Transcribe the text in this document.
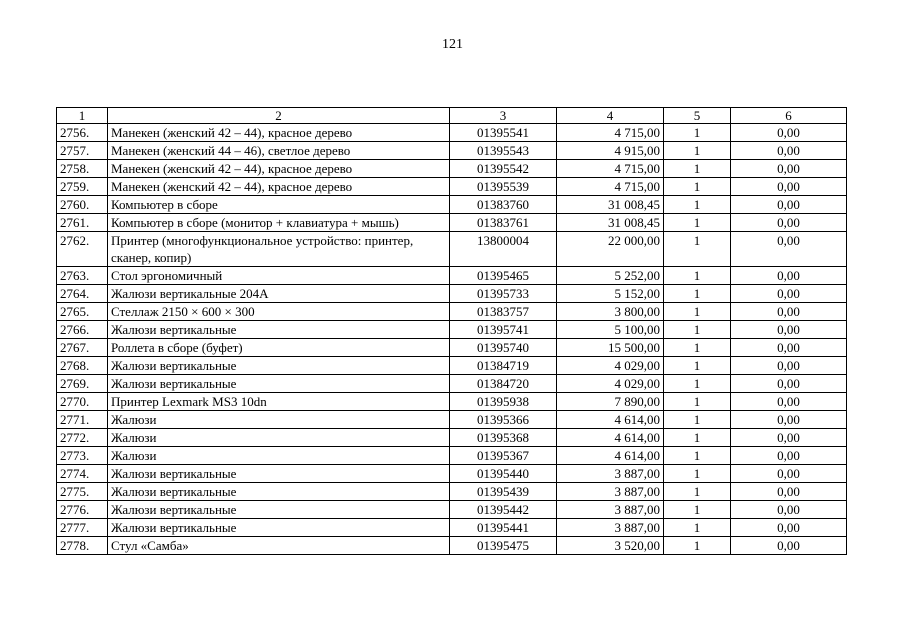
121
1	2	3	4	5	6
2756.	Манекен (женский 42 – 44), красное дерево	01395541	4 715,00	1	0,00
2757.	Манекен (женский 44 – 46), светлое дерево	01395543	4 915,00	1	0,00
2758.	Манекен (женский 42 – 44), красное дерево	01395542	4 715,00	1	0,00
2759.	Манекен (женский 42 – 44), красное дерево	01395539	4 715,00	1	0,00
2760.	Компьютер в сборе	01383760	31 008,45	1	0,00
2761.	Компьютер в сборе (монитор + клавиатура + мышь)	01383761	31 008,45	1	0,00
2762.	Принтер (многофункциональное устройство: принтер, сканер, копир)	13800004	22 000,00	1	0,00
2763.	Стол эргономичный	01395465	5 252,00	1	0,00
2764.	Жалюзи вертикальные 204А	01395733	5 152,00	1	0,00
2765.	Стеллаж 2150 × 600 × 300	01383757	3 800,00	1	0,00
2766.	Жалюзи вертикальные	01395741	5 100,00	1	0,00
2767.	Роллета в сборе (буфет)	01395740	15 500,00	1	0,00
2768.	Жалюзи вертикальные	01384719	4 029,00	1	0,00
2769.	Жалюзи вертикальные	01384720	4 029,00	1	0,00
2770.	Принтер Lexmark MS3 10dn	01395938	7 890,00	1	0,00
2771.	Жалюзи	01395366	4 614,00	1	0,00
2772.	Жалюзи	01395368	4 614,00	1	0,00
2773.	Жалюзи	01395367	4 614,00	1	0,00
2774.	Жалюзи вертикальные	01395440	3 887,00	1	0,00
2775.	Жалюзи вертикальные	01395439	3 887,00	1	0,00
2776.	Жалюзи вертикальные	01395442	3 887,00	1	0,00
2777.	Жалюзи вертикальные	01395441	3 887,00	1	0,00
2778.	Стул «Самба»	01395475	3 520,00	1	0,00
